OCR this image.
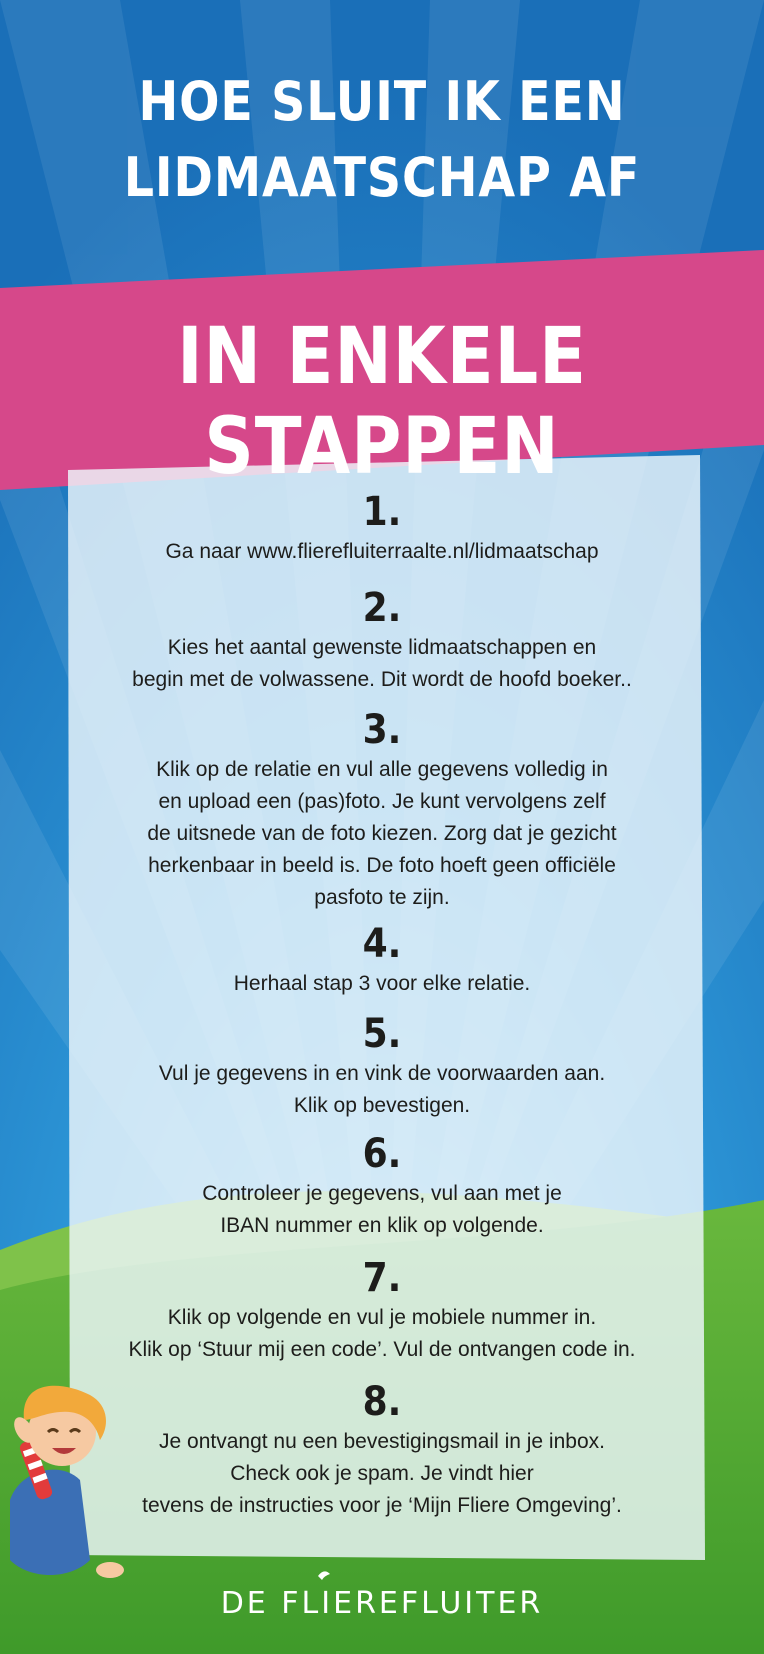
HOE SLUIT IK EEN
LIDMAATSCHAP AF
IN ENKELE STAPPEN
1.
Ga naar www.flierefluiterraalte.nl/lidmaatschap
2.
Kies het aantal gewenste lidmaatschappen en
begin met de volwassene. Dit wordt de hoofd boeker..
3.
Klik op de relatie en vul alle gegevens volledig in
en upload een (pas)foto. Je kunt vervolgens zelf
de uitsnede van de foto kiezen. Zorg dat je gezicht
herkenbaar in beeld is. De foto hoeft geen officiële
pasfoto te zijn.
4.
Herhaal stap 3 voor elke relatie.
5.
Vul je gegevens in en vink de voorwaarden aan.
Klik op bevestigen.
6.
Controleer je gegevens, vul aan met je
IBAN nummer en klik op volgende.
7.
Klik op volgende en vul je mobiele nummer in.
Klik op ‘Stuur mij een code’. Vul de ontvangen code in.
8.
Je ontvangt nu een bevestigingsmail in je inbox.
Check ook je spam. Je vindt hier
tevens de instructies voor je ‘Mijn Fliere Omgeving’.
DE FLIEREFLUITER
